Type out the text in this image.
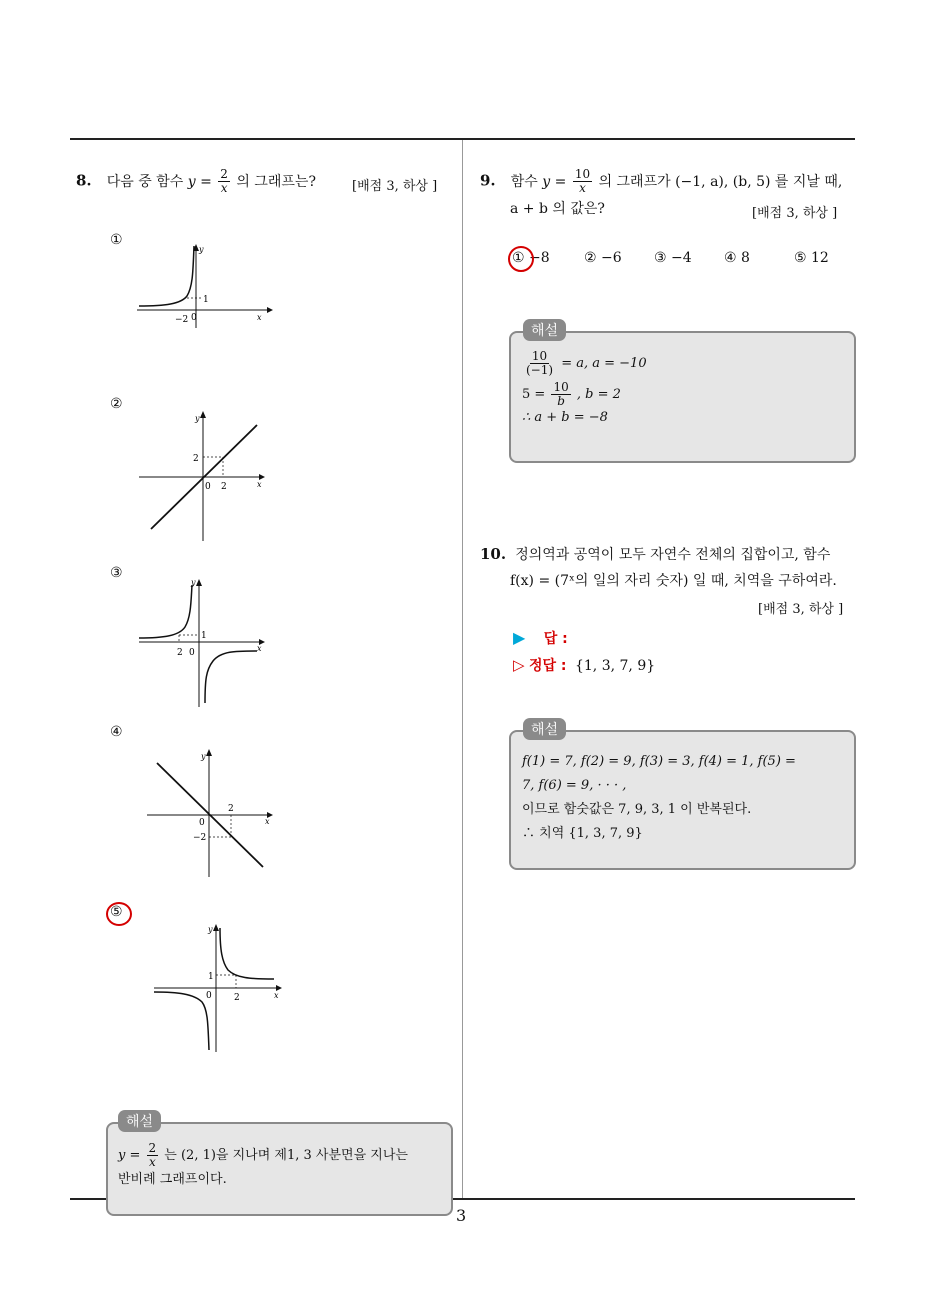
3
8. 다음 중 함수 $y = \frac{2}{x}$ 의 그래프는?	[배점 3, 하상 ]
①
−2 0
1
x
y
②
2
0 2	x
y
③
2 0
1
x
y
④
2
0
−2
x
y
⑤
1
0 2	x
y
해설
$y = \frac{2}{x}$ 는 (2, 1)을 지나며 제1, 3 사분면을 지나는
반비례 그래프이다.
9. 함수 $y = \frac{10}{x}$ 의 그래프가 (−1, a), (b, 5) 를 지날 때,
a + b 의 값은?	[배점 3, 하상 ]
① −8 ② −6 ③ −4 ④ 8	⑤ 12
해설
$\frac{10}{(-1)} = a$, a = −10
$5 = \frac{10}{b}$ , b = 2
∴ a + b = −8
10. 정의역과 공역이 모두 자연수 전체의 집합이고, 함수
f(x) = (7ˣ의 일의 자리 숫자) 일 때, 치역을 구하여라.
[배점 3, 하상 ]
▶ 답 :
▷ 정답 : {1, 3, 7, 9}
해설
f(1) = 7, f(2) = 9, f(3) = 3, f(4) = 1, f(5) =
7, f(6) = 9, · · · ,
이므로 함숫값은 7, 9, 3, 1 이 반복된다.
∴ 치역 {1, 3, 7, 9}
